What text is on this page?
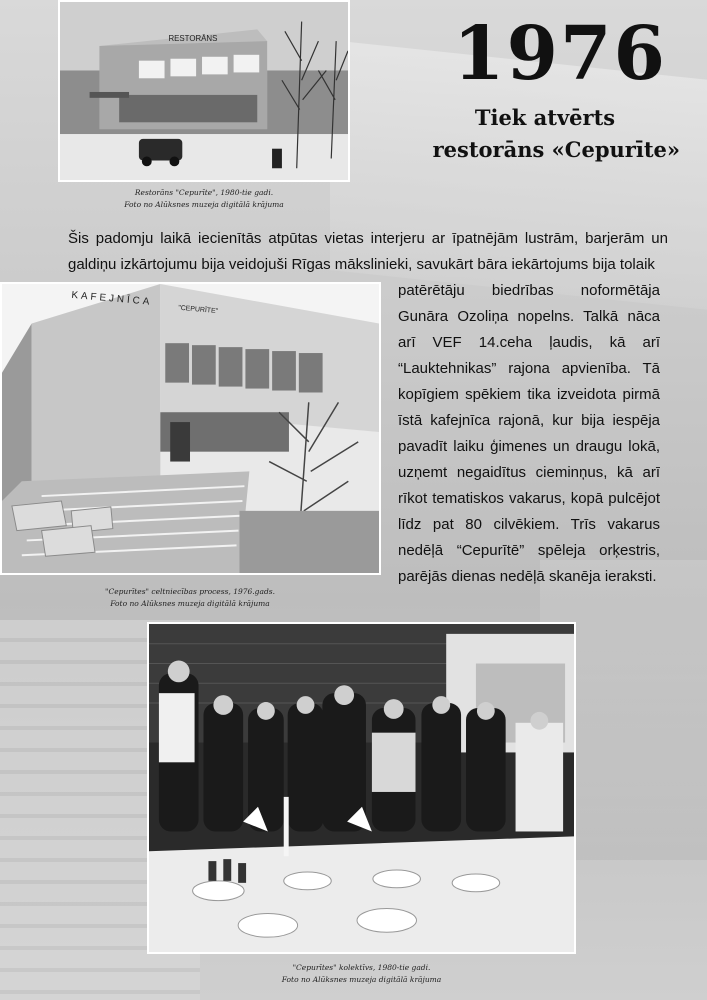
RESTORĀNS
Restorāns "Cepurīte", 1980-tie gadi.
Foto no Alūksnes muzeja digitālā krājuma
1976
Tiek atvērts
restorāns «Cepurīte»
Šis padomju laikā iecienītās atpūtas vietas interjeru ar īpatnējām lustrām, barjerām un galdiņu izkārtojumu bija veidojuši Rīgas mākslinieki, savukārt bāra iekārtojums bija tolaik
KAFEJNĪCA
"CEPURĪTE"
patērētāju biedrības noformētāja Gunāra Ozoliņa nopelns. Talkā nāca arī VEF 14.ceha ļaudis, kā arī “Lauktehnikas” rajona apvienība. Tā kopīgiem spēkiem tika izveidota pirmā īstā kafejnīca rajonā, kur bija iespēja pavadīt laiku ģimenes un draugu lokā, uzņemt negaidītus cieminņus, kā arī rīkot tematiskos vakarus, kopā pulcējot līdz pat 80 cilvēkiem. Trīs vakarus nedēļā “Cepurītē” spēleja orķestris, parējās dienas nedēļā skanēja ieraksti.
"Cepurītes" celtniecības process, 1976.gads.
Foto no Alūksnes muzeja digitālā krājuma
"Cepurītes" kolektīvs, 1980-tie gadi.
Foto no Alūksnes muzeja digitālā krājuma
